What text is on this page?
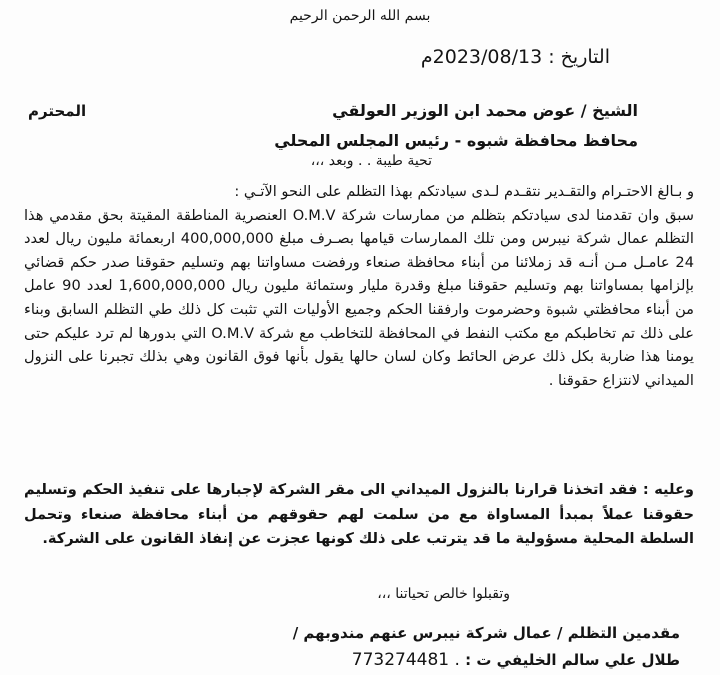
بسم الله الرحمن الرحيم
التاريخ : 2023/08/13م
الشيخ / عوض محمد ابن الوزير العولقي
محافظ محافظة شبوه - رئيس المجلس المحلي
المحترم
تحية طيبة . . وبعد ،،،

و بـالغ الاحتـرام والتقـدير نتقـدم لـدى سيادتكم بهذا التظلم على النحو الآتـي :

سبق وان تقدمنا لدى سيادتكم بتظلم من ممارسات شركة O.M.V العنصرية المناطقة المقيتة بحق مقدمي هذا التظلم عمال شركة نيبرس ومن تلك الممارسات قيامها بصـرف مبلغ 400,000,000 اربعمائة مليون ريال لعدد 24 عامـل مـن أنـه قد زملائنا من أبناء محافظة صنعاء ورفضت مساواتنا بهم وتسليم حقوقنا صدر حكم قضائي بإلزامها بمساواتنا بهم وتسليم حقوقنا مبلغ وقدرة مليار وستمائة مليون ريال 1,600,000,000 لعدد 90 عامل من أبناء محافظتي شبوة وحضرموت وارفقنا الحكم وجميع الأوليات التي تثبت كل ذلك طي التظلم السابق وبناء على ذلك تم تخاطبكم مع مكتب النفط في المحافظة للتخاطب مع شركة O.M.V التي بدورها لم ترد عليكم حتى يومنا هذا ضاربة بكل ذلك عرض الحائط وكان لسان حالها يقول بأنها فوق القانون وهي بذلك تجبرنا على النزول الميداني لانتزاع حقوقنا .

وعليه : فقد اتخذنا قرارنا بالنزول الميداني الى مقر الشركة لإجبارها على تنفيذ الحكم وتسليم حقوقنا عملاً بمبدأ المساواة مع من سلمت لهم حقوقهم من أبناء محافظة صنعاء وتحمل السلطة المحلية مسؤولية ما قد يترتب على ذلك كونها عجزت عن إنفاذ القانون على الشركة.

وتقبلوا خالص تحياتنا ،،،

مقدمين التظلم / عمال شركة نيبرس عنهم مندوبهم /

طلال علي سالم الخليفي ت : 773274481 .
